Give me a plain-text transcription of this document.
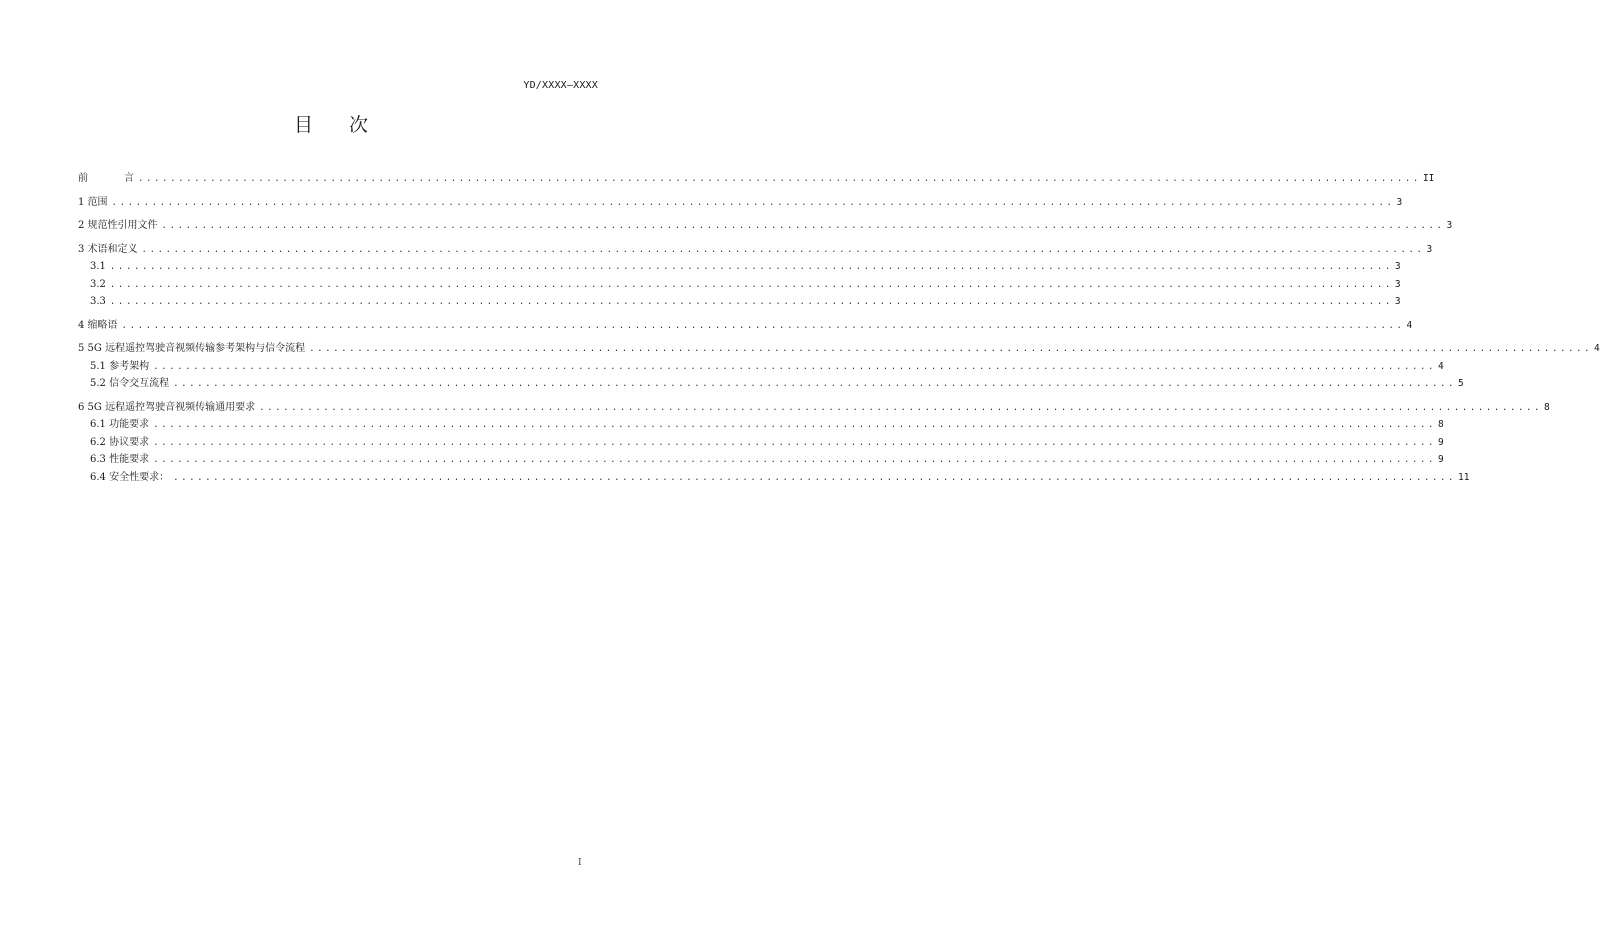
YD/XXXX—XXXX
目 次
前	言 ................................................................................................................................................................ II
1 范围 ................................................................................................................................................................ 3
2 规范性引用文件 ................................................................................................................................................................ 3
3 术语和定义 ................................................................................................................................................................ 3
3.1 ................................................................................................................................................................ 3
3.2 ................................................................................................................................................................ 3
3.3 ................................................................................................................................................................ 3
4 缩略语 ................................................................................................................................................................ 4
5 5G 远程遥控驾驶音视频传输参考架构与信令流程 ................................................................................................................................................................ 4
5.1 参考架构 ................................................................................................................................................................ 4
5.2 信令交互流程 ................................................................................................................................................................ 5
6 5G 远程遥控驾驶音视频传输通用要求 ................................................................................................................................................................ 8
6.1 功能要求 ................................................................................................................................................................ 8
6.2 协议要求 ................................................................................................................................................................ 9
6.3 性能要求 ................................................................................................................................................................ 9
6.4 安全性要求： ................................................................................................................................................................ 11
I
